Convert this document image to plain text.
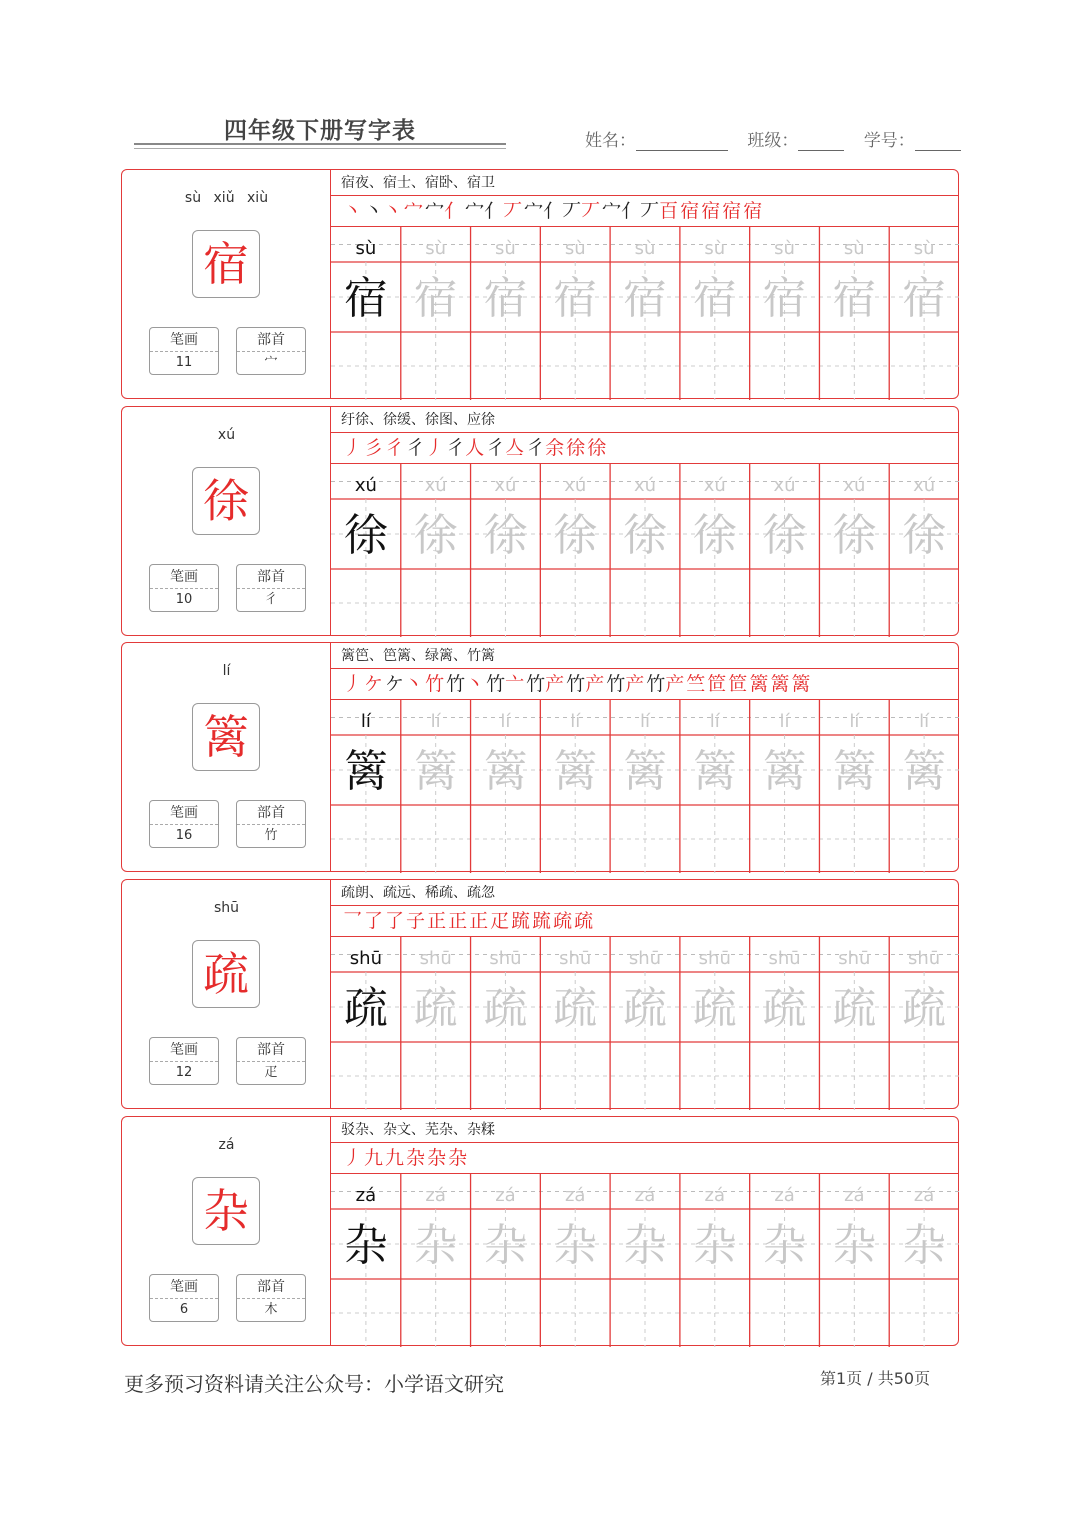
四年级下册写字表	姓名：	班级：	学号：
sù xiǔ xiù
宿
笔画
11
部首
宀
宿夜、宿士、宿卧、宿卫
丶 丶丶 宀 宀亻 宀亻丆 宀亻丆丆 宀亻丆百 宿 宿 宿 宿
sù
宿
sù
宿
sù
宿
sù
宿
sù
宿
sù
宿
sù
宿
sù
宿
sù
宿
xú
徐
笔画
10
部首
彳
纡徐、徐缓、徐图、应徐
丿 彡 彳 彳丿 彳人 彳亼 彳余 徐 徐
xú
徐
xú
徐
xú
徐
xú
徐
xú
徐
xú
徐
xú
徐
xú
徐
xú
徐
lí
篱
笔画
16
部首
竹
篱笆、笆篱、绿篱、竹篱
丿 ケ ケ丶 竹 竹丶 竹亠 竹产 竹产 竹产 竹产 竺 笸 笸 篱 篱 篱
lí
篱
lí
篱
lí
篱
lí
篱
lí
篱
lí
篱
lí
篱
lí
篱
lí
篱
shū
疏
笔画
12
部首
疋
疏朗、疏远、稀疏、疏忽
乛 了 了 子 正 正 正 疋 䟽 䟽 疏 疏
shū
疏
shū
疏
shū
疏
shū
疏
shū
疏
shū
疏
shū
疏
shū
疏
shū
疏
zá
杂
笔画
6
部首
木
驳杂、杂文、芜杂、杂糅
丿 九 九 杂 杂 杂
zá
杂
zá
杂
zá
杂
zá
杂
zá
杂
zá
杂
zá
杂
zá
杂
zá
杂
更多预习资料请关注公众号：小学语文研究	第1页 / 共50页
